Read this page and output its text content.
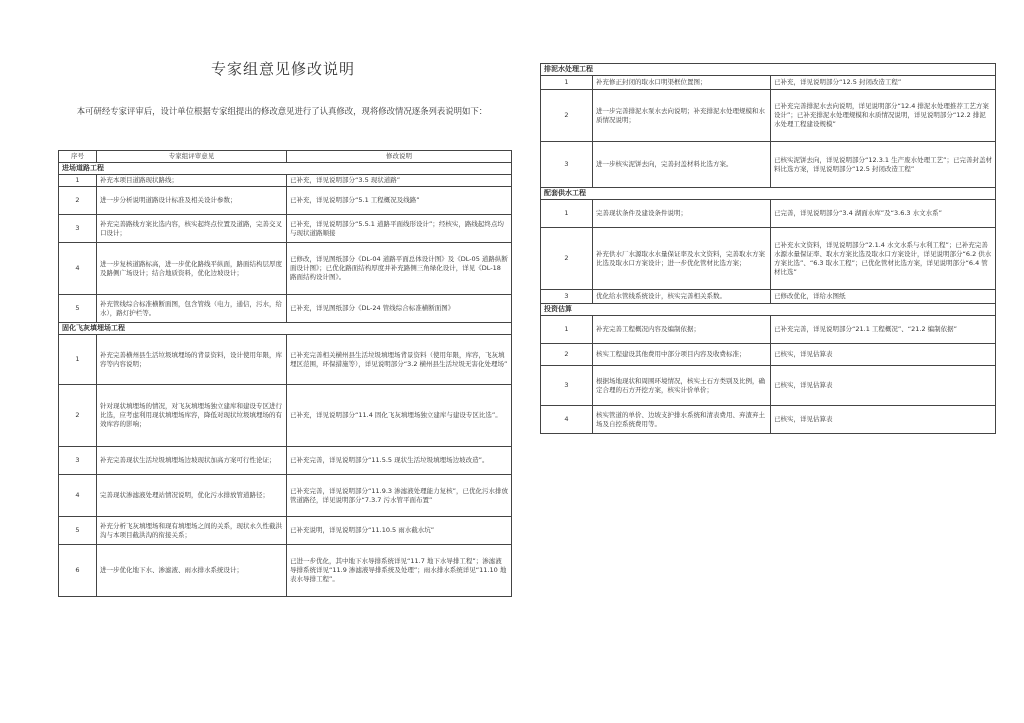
专家组意见修改说明
本可研经专家评审后，设计单位根据专家组提出的修改意见进行了认真修改，现将修改情况逐条列表说明如下：
序号	专家组评审意见	修改说明
进场道路工程		
1	补充本项目道路现状路线；	已补充，详见说明部分“3.5 现状道路”
2	进一步分析说明道路设计标准及相关设计参数；	已补充，详见说明部分“5.1 工程概况及线路”
3	补充完善路线方案比选内容，核实起终点位置及道路，完善交叉口设计；	已补充，详见说明部分“5.5.1 道路平面线形设计”；经核实，路线起终点均与现状道路顺接
4	进一步复核道路标高，进一步优化路线平纵面，路面结构层厚度及路侧广场设计；结合地质资料，优化边坡设计；	已修改，详见图纸部分《DL-04 道路平面总体设计图》及《DL-05 道路纵断面设计图》；已优化路面结构厚度并补充路侧三角绿化设计，详见《DL-18 路面结构设计图》。
5	补充管线综合标准横断面图，包含管线（电力，通信，污水，给水），路灯护栏等。	已补充，详见图纸部分《DL-24 管线综合标准横断面图》
固化飞灰填埋场工程		
1	补充完善横州县生活垃圾填埋场的背景资料，设计使用年限，库容等内容说明；	已补充完善相关横州县生活垃圾填埋场背景资料（使用年限，库容，飞灰填埋区范围，环保措施等），详见说明部分“3.2 横州县生活垃圾无害化处理场”
2	针对现状填埋场的情况，对飞灰填埋场独立建库和建设专区进行比选，应考虑利用现状填埋场库容，降低对现状垃圾填埋场的有效库容的影响；	已补充，详见说明部分“11.4 固化飞灰填埋场独立建库与建设专区比选”。
3	补充完善现状生活垃圾填埋场边坡现状加高方案可行性论证；	已补充完善，详见说明部分“11.5.5 现状生活垃圾填埋场边坡改造”。
4	完善现状渗滤液处理站情况说明，优化污水排放管道路径；	已补充完善，详见说明部分“11.9.3 渗滤液处理能力复核”，已优化污水排放管道路径，详见说明部分“7.3.7 污水管平面布置”
5	补充分析飞灰填埋场和现有填埋场之间的关系，现状永久性截洪沟与本项目截洪沟的衔接关系；	已补充说明，详见说明部分“11.10.5 雨水截水坑”
6	进一步优化地下水、渗滤液、雨水排水系统设计；	已进一步优化，其中地下水导排系统详见“11.7 地下水导排工程”；渗滤液导排系统详见“11.9 渗滤液导排系统及处理”；雨水排水系统详见“11.10 地表水导排工程”。
排泥水处理工程		
1	补充修正封闭的取水口明渠框位置图；	已补充，详见说明部分“12.5 封闭改造工程”
2	进一步完善排泥水泵水去向说明；补充排泥水处理规模和水质情况说明；	已补充完善排泥水去向说明，详见说明部分“12.4 排泥水处理推荐工艺方案设计”；已补充排泥水处理规模和水质情况说明，详见说明部分“12.2 排泥水处理工程建设规模”
3	进一步核实泥饼去向，完善封盖材料比选方案。	已核实泥饼去向，详见说明部分“12.3.1 生产废水处理工艺”；已完善封盖材料比选方案，详见说明部分“12.5 封闭改造工程”
配套供水工程		
1	完善现状条件及建设条件说明；	已完善，详见说明部分“3.4 湖面水库”及“3.6.3 水文水系”
2	补充供水厂水源取水水量保证率及水文资料，完善取水方案比选及取水口方案设计；进一步优化管材比选方案；	已补充水文资料，详见说明部分“2.1.4 水文水系与水利工程”；已补充完善水源水量保证率、取水方案比选及取水口方案设计，详见说明部分“6.2 供水方案比选”、“6.3 取水工程”；已优化管材比选方案，详见说明部分“6.4 管材比选”
3	优化给水管线系统设计，核实完善相关系数。	已修改优化，详给水图纸
投资估算		
1	补充完善工程概况内容及编制依据；	已补充完善，详见说明部分“21.1 工程概况”、“21.2 编制依据”
2	核实工程建设其他费用中部分项目内容及收费标准；	已核实，详见估算表
3	根据场地现状和周围环境情况，核实土石方类别及比例，确定合理的石方开挖方案，核实计价单价；	已核实，详见估算表
4	核实管道的单价、边坡支护排水系统和清表费用、弃渣弃土场及自控系统费用等。	已核实，详见估算表
